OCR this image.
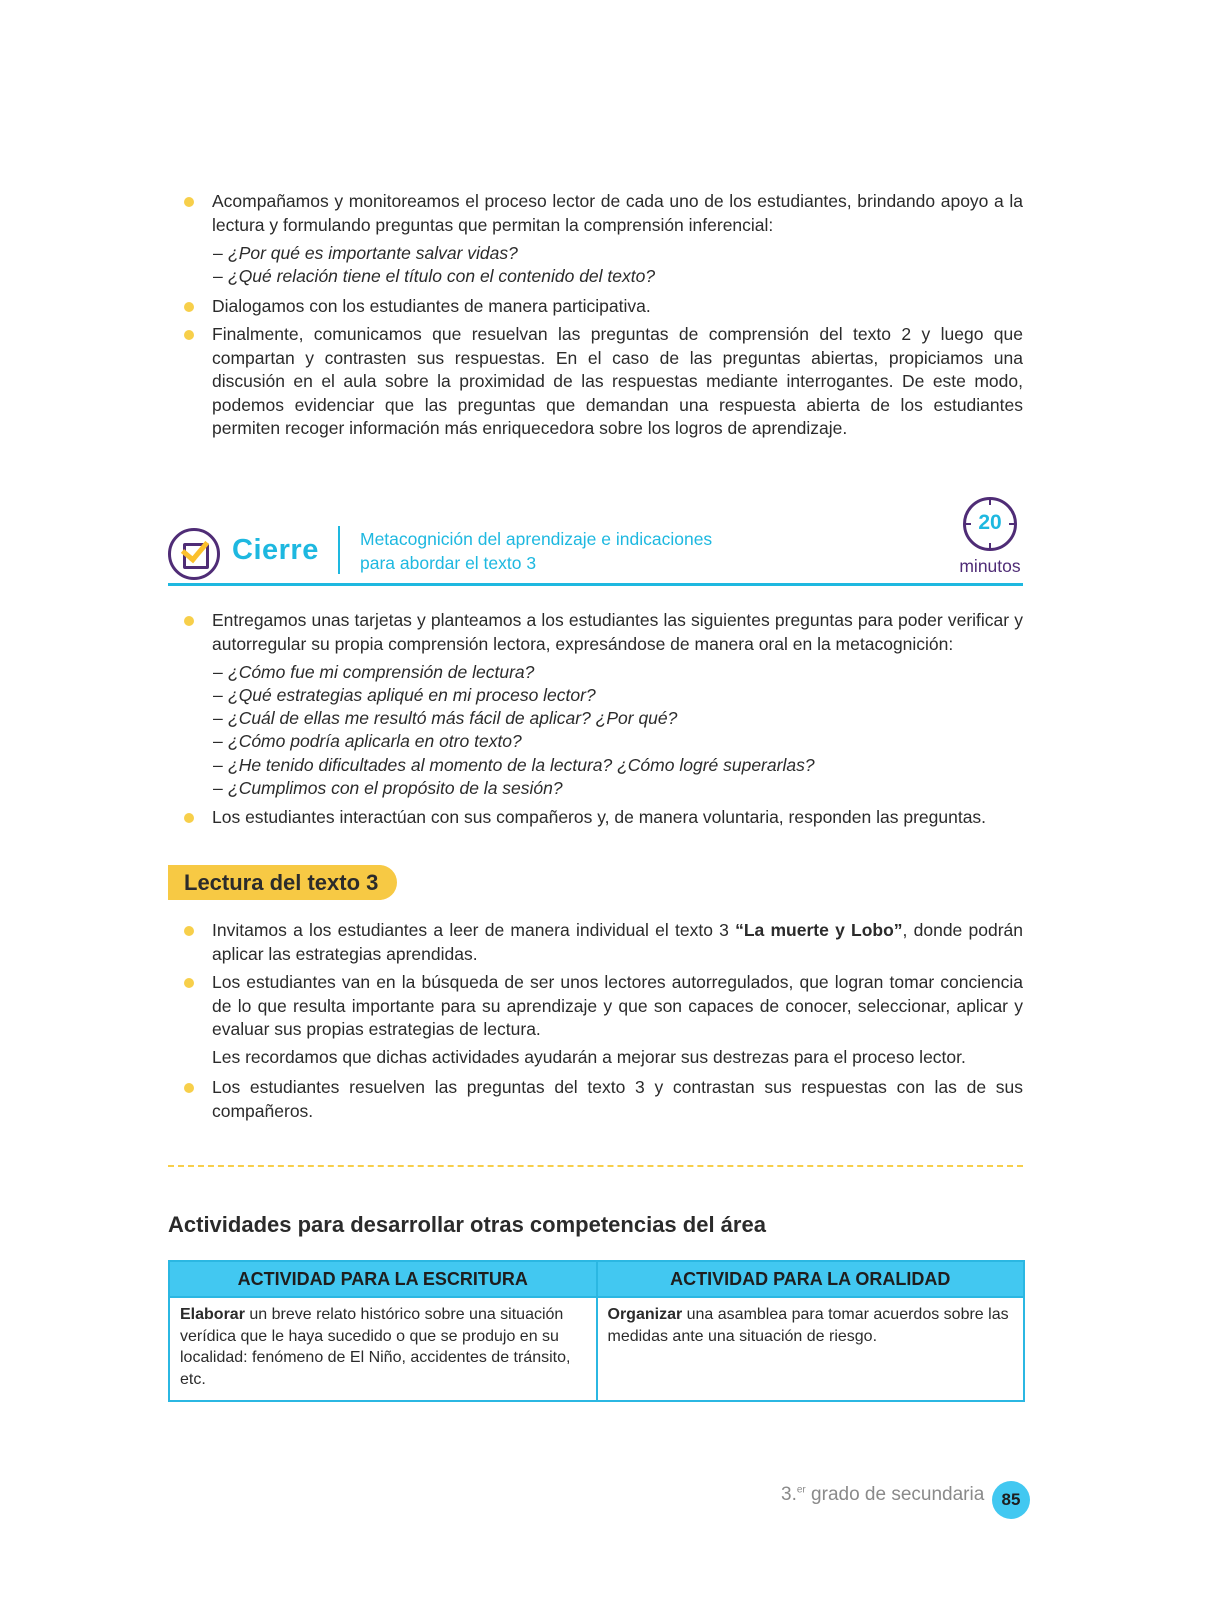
Acompañamos y monitoreamos el proceso lector de cada uno de los estudiantes, brindando apoyo a la lectura y formulando preguntas que permitan la comprensión inferencial:
– ¿Por qué es importante salvar vidas?
– ¿Qué relación tiene el título con el contenido del texto?
Dialogamos con los estudiantes de manera participativa.
Finalmente, comunicamos que resuelvan las preguntas de comprensión del texto 2 y luego que compartan y contrasten sus respuestas. En el caso de las preguntas abiertas, propiciamos una discusión en el aula sobre la proximidad de las respuestas mediante interrogantes. De este modo, podemos evidenciar que las preguntas que demandan una respuesta abierta de los estudiantes permiten recoger información más enriquecedora sobre los logros de aprendizaje.
Cierre Metacognición del aprendizaje e indicaciones
para abordar el texto 3
20
minutos
Entregamos unas tarjetas y planteamos a los estudiantes las siguientes preguntas para poder verificar y autorregular su propia comprensión lectora, expresándose de manera oral en la metacognición:
– ¿Cómo fue mi comprensión de lectura?
– ¿Qué estrategias apliqué en mi proceso lector?
– ¿Cuál de ellas me resultó más fácil de aplicar? ¿Por qué?
– ¿Cómo podría aplicarla en otro texto?
– ¿He tenido dificultades al momento de la lectura? ¿Cómo logré superarlas?
– ¿Cumplimos con el propósito de la sesión?
Los estudiantes interactúan con sus compañeros y, de manera voluntaria, responden las preguntas.
Lectura del texto 3
Invitamos a los estudiantes a leer de manera individual el texto 3 “La muerte y Lobo”, donde podrán aplicar las estrategias aprendidas.
Los estudiantes van en la búsqueda de ser unos lectores autorregulados, que logran tomar conciencia de lo que resulta importante para su aprendizaje y que son capaces de conocer, seleccionar, aplicar y evaluar sus propias estrategias de lectura.
Les recordamos que dichas actividades ayudarán a mejorar sus destrezas para el proceso lector.
Los estudiantes resuelven las preguntas del texto 3 y contrastan sus respuestas con las de sus compañeros.
Actividades para desarrollar otras competencias del área
ACTIVIDAD PARA LA ESCRITURA	ACTIVIDAD PARA LA ORALIDAD
Elaborar un breve relato histórico sobre una situación verídica que le haya sucedido o que se produjo en su localidad: fenómeno de El Niño, accidentes de tránsito, etc.	Organizar una asamblea para tomar acuerdos sobre las medidas ante una situación de riesgo.
3.$^{er}$ grado de secundaria	85
